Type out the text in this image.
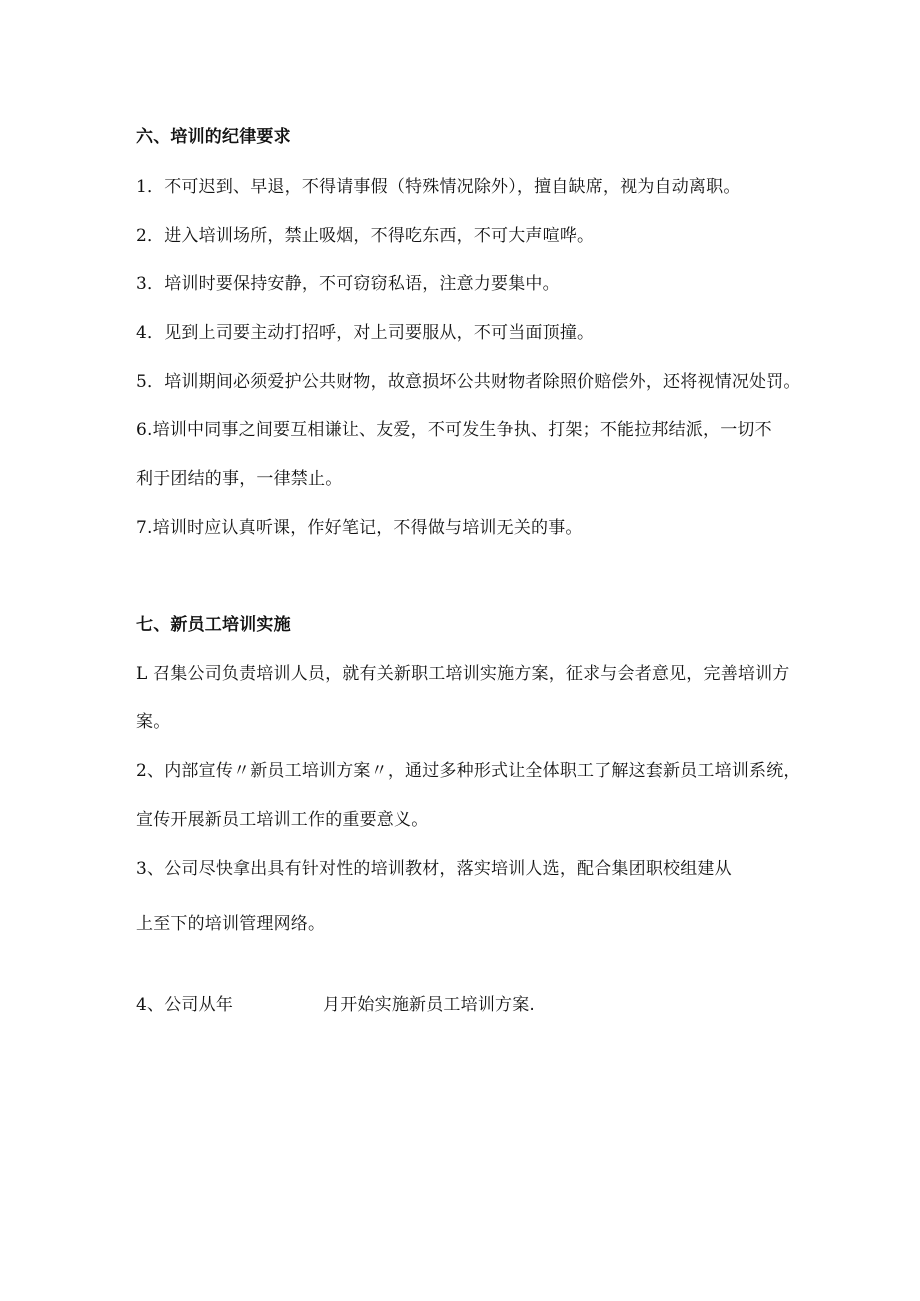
六、培训的纪律要求
1．不可迟到、早退，不得请事假（特殊情况除外），擅自缺席，视为自动离职。
2．进入培训场所，禁止吸烟，不得吃东西，不可大声喧哗。
3．培训时要保持安静，不可窃窃私语，注意力要集中。
4．见到上司要主动打招呼，对上司要服从，不可当面顶撞。
5．培训期间必须爱护公共财物，故意损坏公共财物者除照价赔偿外，还将视情况处罚。
6.培训中同事之间要互相谦让、友爱，不可发生争执、打架；不能拉邦结派，一切不
利于团结的事，一律禁止。
7.培训时应认真听课，作好笔记，不得做与培训无关的事。
七、新员工培训实施
L 召集公司负责培训人员，就有关新职工培训实施方案，征求与会者意见，完善培训方
案。
2、内部宣传〃新员工培训方案〃，通过多种形式让全体职工了解这套新员工培训系统，
宣传开展新员工培训工作的重要意义。
3、公司尽快拿出具有针对性的培训教材，落实培训人选，配合集团职校组建从
上至下的培训管理网络。
4、公司从年	月开始实施新员工培训方案.
